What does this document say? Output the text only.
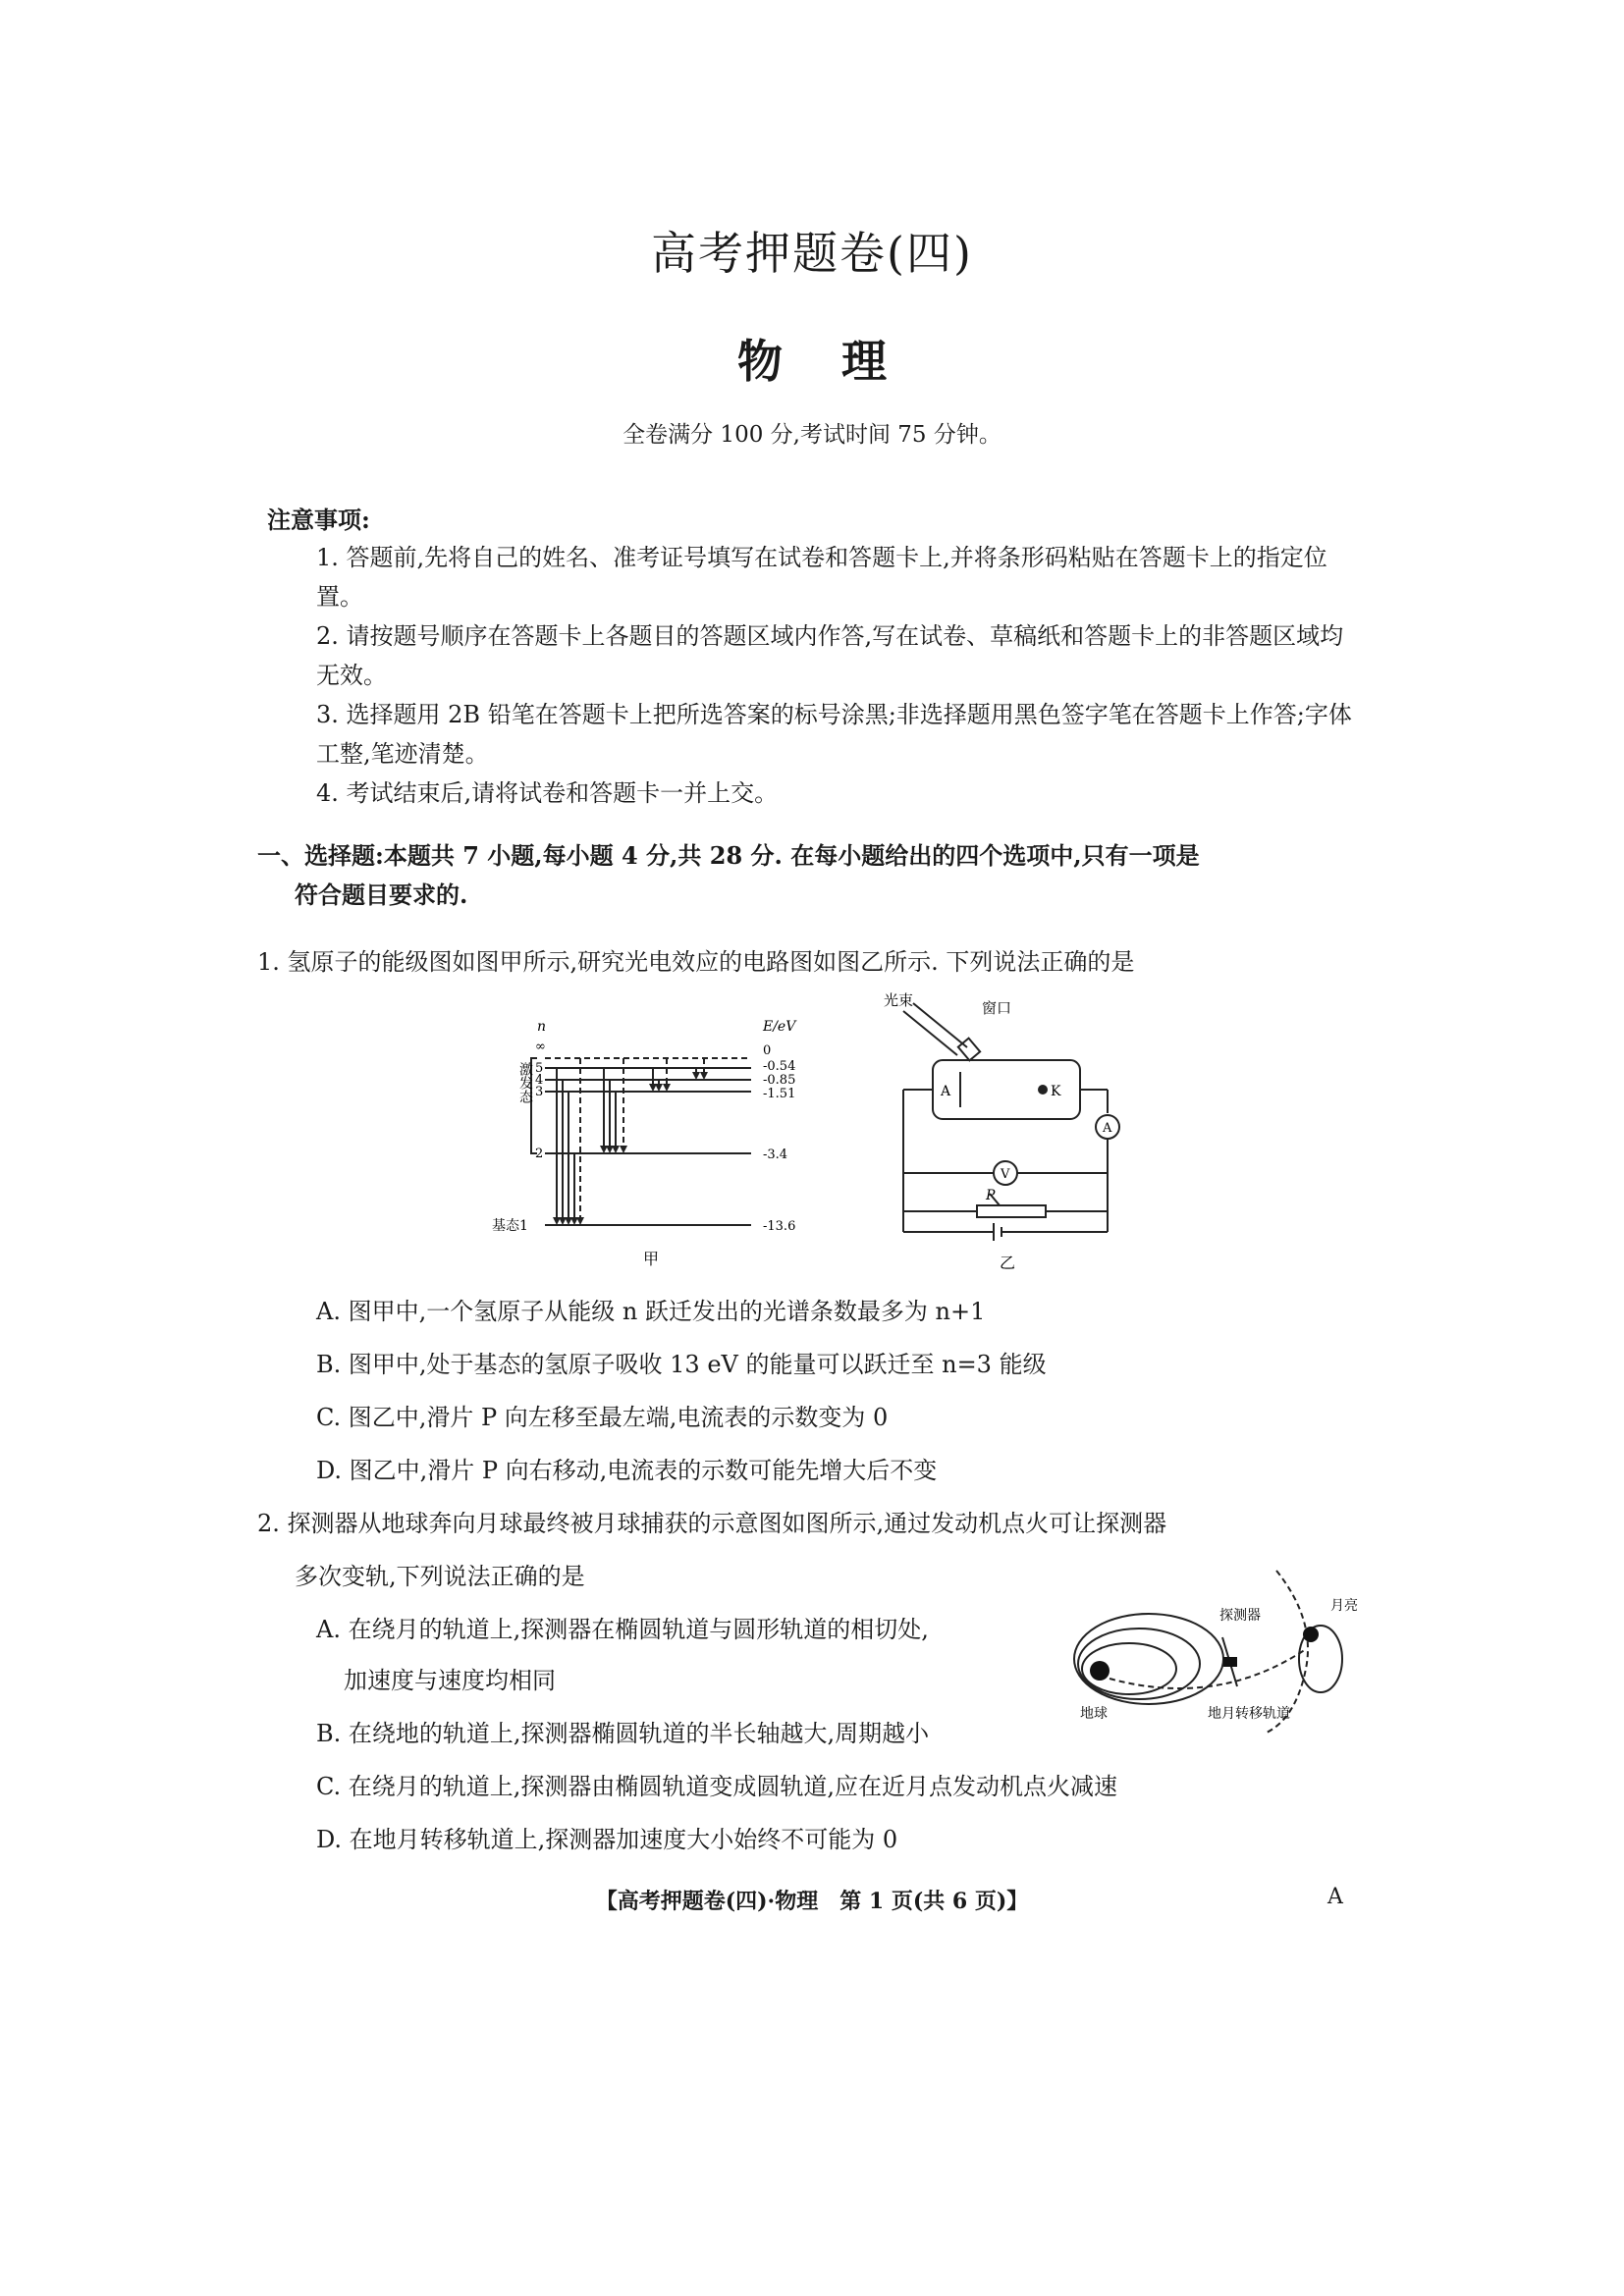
高考押题卷(四)
物理
全卷满分 100 分,考试时间 75 分钟。
注意事项:
1. 答题前,先将自己的姓名、准考证号填写在试卷和答题卡上,并将条形码粘贴在答题卡上的指定位置。
2. 请按题号顺序在答题卡上各题目的答题区域内作答,写在试卷、草稿纸和答题卡上的非答题区域均无效。
3. 选择题用 2B 铅笔在答题卡上把所选答案的标号涂黑;非选择题用黑色签字笔在答题卡上作答;字体工整,笔迹清楚。
4. 考试结束后,请将试卷和答题卡一并上交。
一、选择题:本题共 7 小题,每小题 4 分,共 28 分. 在每小题给出的四个选项中,只有一项是
符合题目要求的.
1. 氢原子的能级图如图甲所示,研究光电效应的电路图如图乙所示. 下列说法正确的是
n	E/eV
∞
5
4
3
2
0
-0.54
-0.85
-1.51
-3.4
-13.6
基态1
激发态
甲
光束	窗口
A	K
A
V
P
乙
A. 图甲中,一个氢原子从能级 n 跃迁发出的光谱条数最多为 n+1
B. 图甲中,处于基态的氢原子吸收 13 eV 的能量可以跃迁至 n=3 能级
C. 图乙中,滑片 P 向左移至最左端,电流表的示数变为 0
D. 图乙中,滑片 P 向右移动,电流表的示数可能先增大后不变
2. 探测器从地球奔向月球最终被月球捕获的示意图如图所示,通过发动机点火可让探测器
多次变轨,下列说法正确的是
月亮
探测器
地球	地月转移轨道
A. 在绕月的轨道上,探测器在椭圆轨道与圆形轨道的相切处,
加速度与速度均相同
B. 在绕地的轨道上,探测器椭圆轨道的半长轴越大,周期越小
C. 在绕月的轨道上,探测器由椭圆轨道变成圆轨道,应在近月点发动机点火减速
D. 在地月转移轨道上,探测器加速度大小始终不可能为 0
【高考押题卷(四)·物理　第 1 页(共 6 页)】	A
